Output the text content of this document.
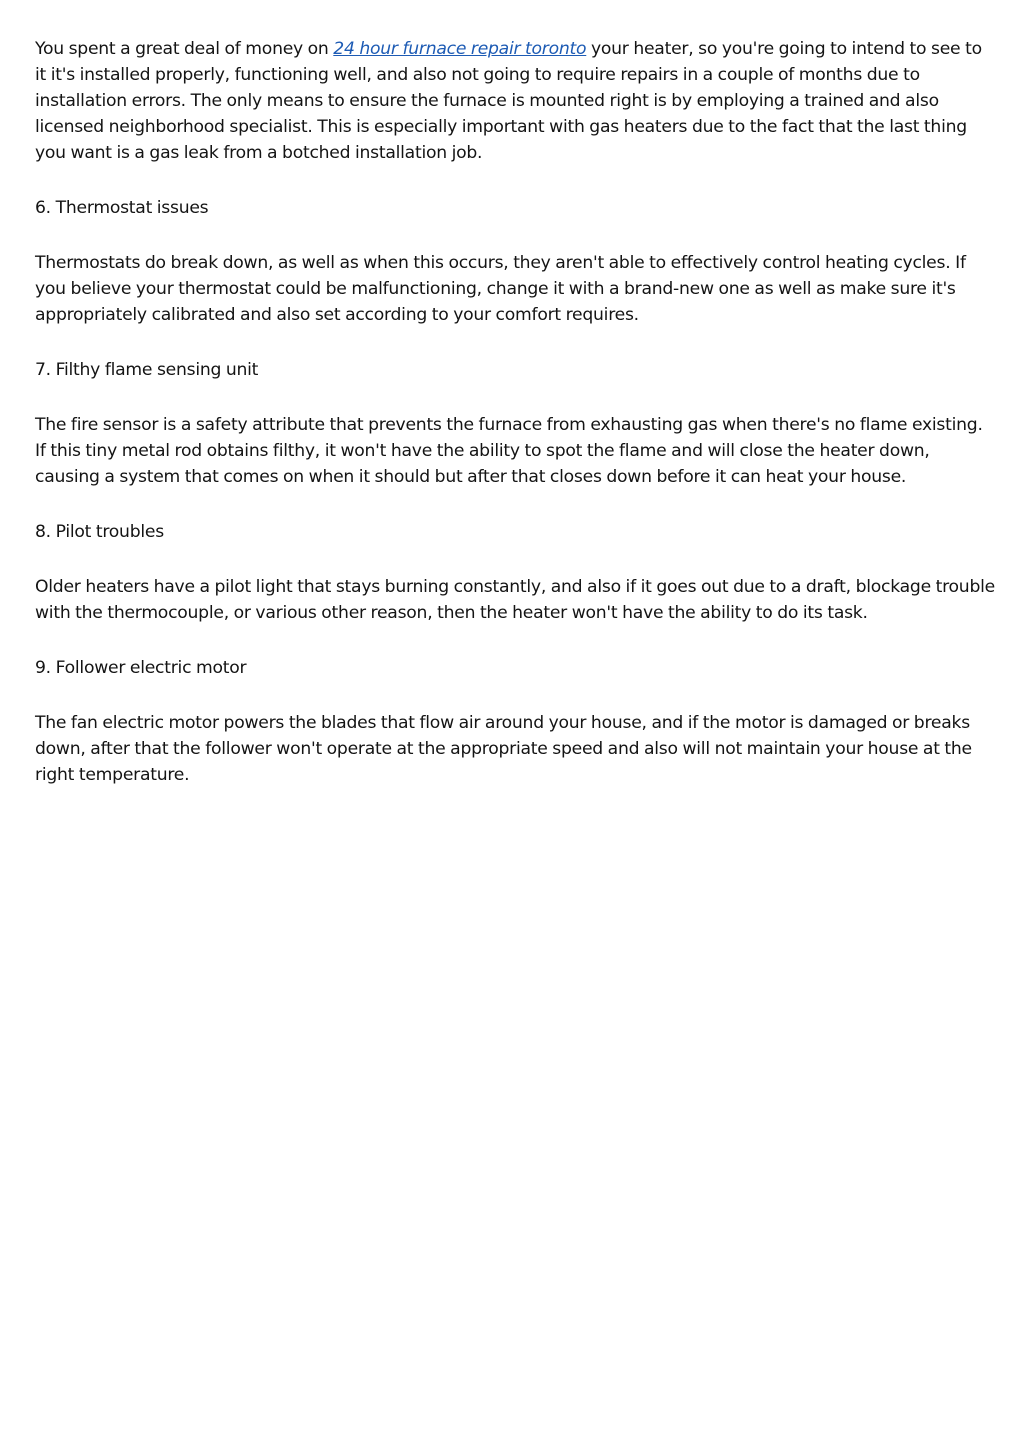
You spent a great deal of money on 24 hour furnace repair toronto your heater, so you're going to intend to see to it it's installed properly, functioning well, and also not going to require repairs in a couple of months due to installation errors. The only means to ensure the furnace is mounted right is by employing a trained and also licensed neighborhood specialist. This is especially important with gas heaters due to the fact that the last thing you want is a gas leak from a botched installation job.

6. Thermostat issues

Thermostats do break down, as well as when this occurs, they aren't able to effectively control heating cycles. If you believe your thermostat could be malfunctioning, change it with a brand-new one as well as make sure it's appropriately calibrated and also set according to your comfort requires.

7. Filthy flame sensing unit

The fire sensor is a safety attribute that prevents the furnace from exhausting gas when there's no flame existing. If this tiny metal rod obtains filthy, it won't have the ability to spot the flame and will close the heater down, causing a system that comes on when it should but after that closes down before it can heat your house.

8. Pilot troubles

Older heaters have a pilot light that stays burning constantly, and also if it goes out due to a draft, blockage trouble with the thermocouple, or various other reason, then the heater won't have the ability to do its task.

9. Follower electric motor

The fan electric motor powers the blades that flow air around your house, and if the motor is damaged or breaks down, after that the follower won't operate at the appropriate speed and also will not maintain your house at the right temperature.
